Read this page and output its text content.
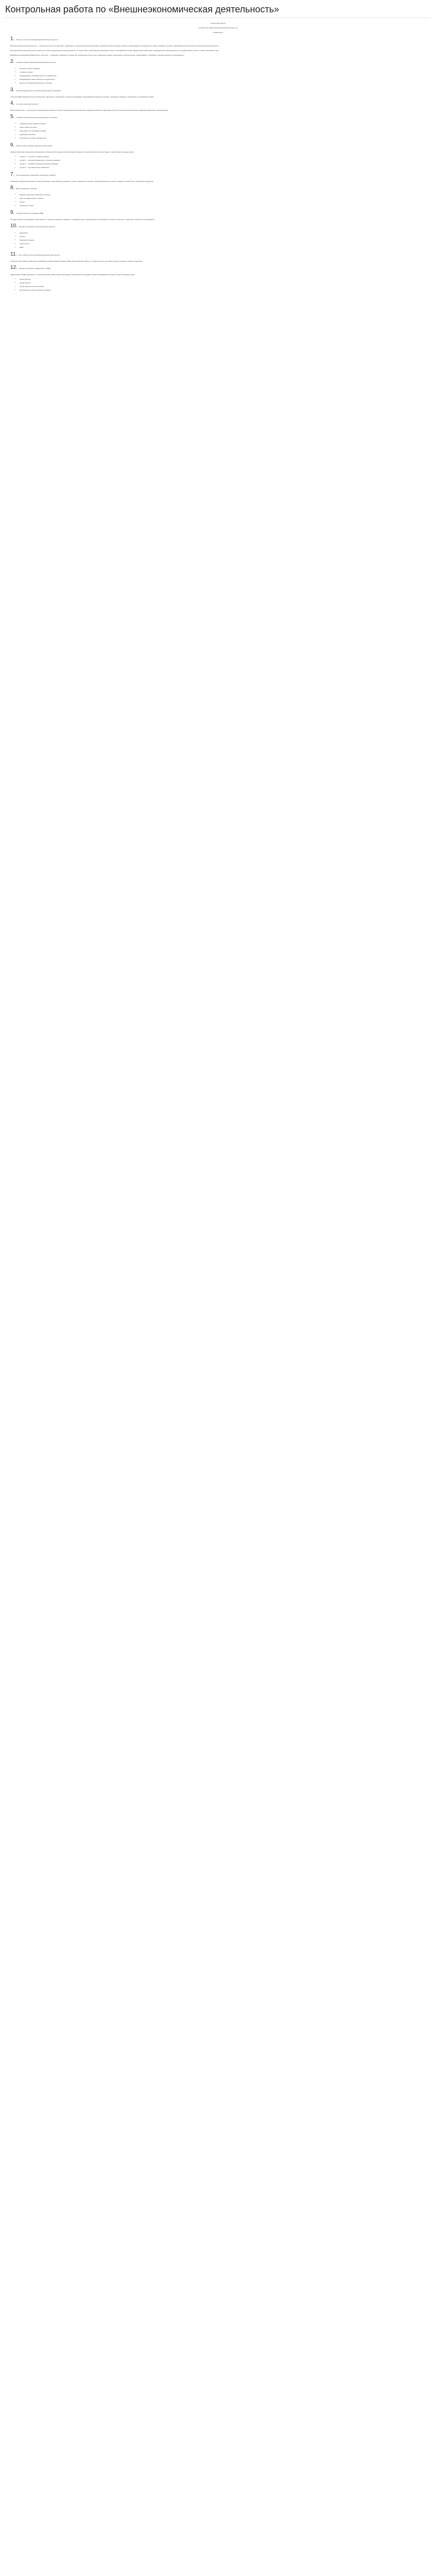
Контрольная работа по «Внешнеэкономическая деятельность»

Контрольная работа

по дисциплине «Внешнеэкономическая деятельность»

Тема/вопросы

1. Понятие и логистика внешнеэкономической деятельности

Внешнеэкономическая деятельность — совокупность мер по организации, управлению и осуществлению внешнеторговых операций, включая внешнюю торговлю, международное сотрудничество и обмен товарами, услугами, информацией и результатами интеллектуальной деятельности.

Внешнеэкономическая деятельность ведется на основе предпринимательской активности и в соответствии с действующим законодательством. Участниками выступают коммерческие организации, индивидуальные предприниматели и государственные органы, а также иностранные лица.

Важнейшим направлением ВЭД является логистика — управление товарными потоками при перемещении грузов через таможенную границу, включающее транспортировку, складирование, страхование и документационное сопровождение.

2. Основные формы внешнеэкономической деятельности

• внешняя торговля товарами
• торговля услугами
• международное производственное сотрудничество
• международное инвестиционное сотрудничество
• валютные и финансово-кредитные операции

3. Как классифицируются участники внешнеторговых операций?

Участники ВЭД подразделяются на экспортеров, импортеров, посредников, а также на организации, обслуживающие внешнюю торговлю: таможенных брокеров, перевозчиков, страховщиков и банки.

4. Что такое валютный контроль?

Валютный контроль — деятельность уполномоченных органов и агентов, направленная на обеспечение соблюдения валютного законодательства при осуществлении валютных операций резидентами и нерезидентами.

5. Основные этапы заключения внешнеторгового контракта

• предварительная проработка рынка
• поиск и выбор партнера
• переговоры и согласование условий
• подписание контракта
• исполнение и контроль обязательств

6. Какие условия поставки содержатся в Инкотермс?

Правила Инкотермс определяют распределение обязанностей, расходов и рисков между продавцом и покупателем при поставке товара, а также момент перехода рисков.

• группа E — отгрузка со склада продавца
• группа F — основная перевозка не оплачена продавцом
• группа C — основная перевозка оплачена продавцом
• группа D — доставка в место назначения

7. В чем заключается таможенное оформление товаров?

Таможенное оформление включает подачу декларации, представление документов, уплату таможенных платежей, таможенный контроль и выпуск товаров в соответствии с заявленной процедурой.

8. Виды таможенных платежей

• ввозная и вывозная таможенные пошлины
• налог на добавленную стоимость
• акцизы
• таможенные сборы

9. Государственное регулирование ВЭД

Государственное регулирование осуществляется с помощью таможенно-тарифных и нетарифных мер, лицензирования, квотирования, экспортного контроля, а также мер технического регулирования.

10. Методы и инструменты внешнеторговых расчетов

• аккредитив
• инкассо
• банковский перевод
• открытый счет
• аванс

11. Роль транспорта во внешнеэкономической деятельности

Транспорт обеспечивает физическое перемещение товаров между странами. Выбор вида транспорта зависит от характера груза, расстояния, сроков поставки и стоимости перевозки.

12. Основные показатели эффективности ВЭД

Эффективность ВЭД оценивается по показателям экспортной и импортной выручки, рентабельности операций, срокам оборачиваемости средств и доле на внешнем рынке.

• объем экспорта
• объем импорта
• сальдо внешнеторгового баланса
• рентабельность внешнеторговых операций
